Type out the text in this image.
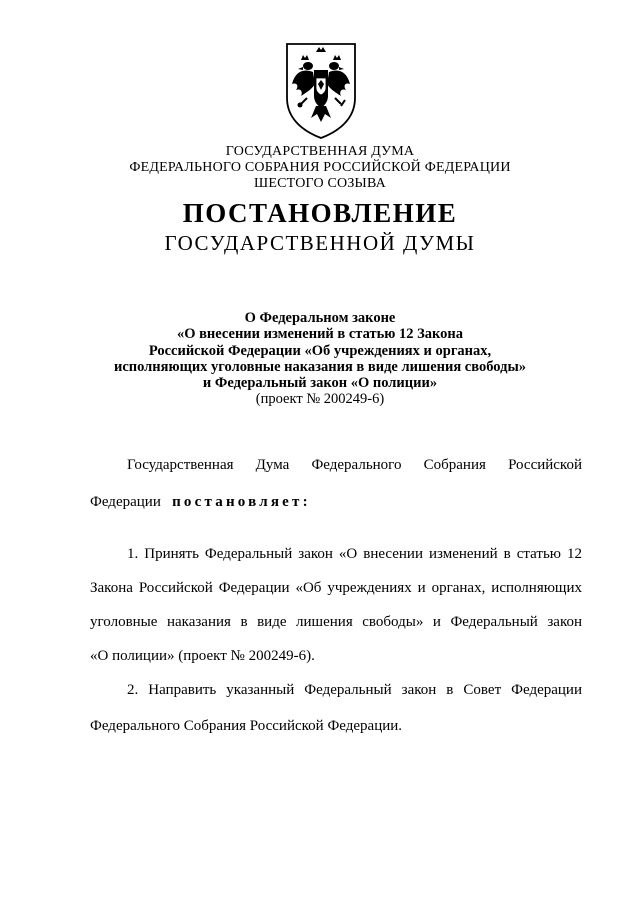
ГОСУДАРСТВЕННАЯ ДУМА
ФЕДЕРАЛЬНОГО СОБРАНИЯ РОССИЙСКОЙ ФЕДЕРАЦИИ
ШЕСТОГО СОЗЫВА
ПОСТАНОВЛЕНИЕ
ГОСУДАРСТВЕННОЙ ДУМЫ
О Федеральном законе
«О внесении изменений в статью 12 Закона
Российской Федерации «Об учреждениях и органах,
исполняющих уголовные наказания в виде лишения свободы»
и Федеральный закон «О полиции»
(проект № 200249-6)
Государственная Дума Федерального Собрания Российской
Федерации постановляет:
1. Принять Федеральный закон «О внесении изменений в статью 12
Закона Российской Федерации «Об учреждениях и органах, исполняющих
уголовные наказания в виде лишения свободы» и Федеральный закон
«О полиции» (проект № 200249-6).
2. Направить указанный Федеральный закон в Совет Федерации
Федерального Собрания Российской Федерации.
